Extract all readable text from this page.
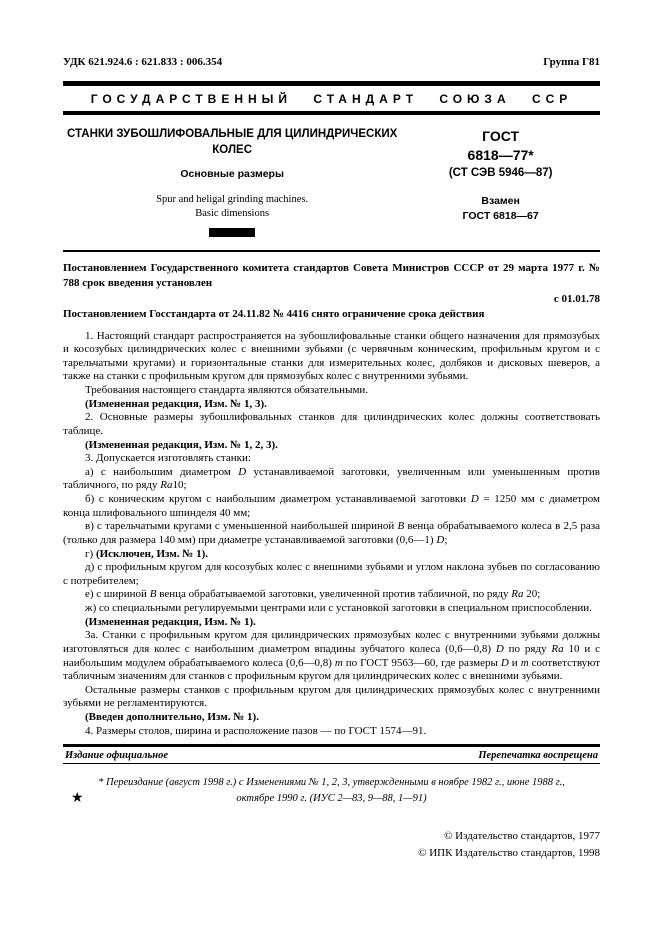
УДК 621.924.6 : 621.833 : 006.354	Группа Г81
ГОСУДАРСТВЕННЫЙ СТАНДАРТ СОЮЗА ССР
СТАНКИ ЗУБОШЛИФОВАЛЬНЫЕ ДЛЯ ЦИЛИНДРИЧЕСКИХ
КОЛЕС
Основные размеры
Spur and heligal grinding machines.
Basic dimensions
ГОСТ
6818—77*
(СТ СЭВ 5946—87)
Взамен
ГОСТ 6818—67

Постановлением Государственного комитета стандартов Совета Министров СССР от 29 марта 1977 г. № 788 срок введения установлен

с 01.01.78

Постановлением Госстандарта от 24.11.82 № 4416 снято ограничение срока действия

1. Настоящий стандарт распространяется на зубошлифовальные станки общего назначения для прямозубых и косозубых цилиндрических колес с внешними зубьями (с червячным коническим, профильным кругом и с тарельчатыми кругами) и горизонтальные станки для измерительных колес, долбяков и дисковых шеверов, а также на станки с профильным кругом для прямозубых колес с внутренними зубьями.

Требования настоящего стандарта являются обязательными.

(Измененная редакция, Изм. № 1, 3).

2. Основные размеры зубошлифовальных станков для цилиндрических колес должны соответствовать таблице.

(Измененная редакция, Изм. № 1, 2, 3).

3. Допускается изготовлять станки:

а) с наибольшим диаметром D устанавливаемой заготовки, увеличенным или уменьшенным против табличного, по ряду Ra10;

б) с коническим кругом с наибольшим диаметром устанавливаемой заготовки D = 1250 мм с диаметром конца шлифовального шпинделя 40 мм;

в) с тарельчатыми кругами с уменьшенной наибольшей шириной B венца обрабатываемого колеса в 2,5 раза (только для размера 140 мм) при диаметре устанавливаемой заготовки (0,6—1) D;

г) (Исключен, Изм. № 1).

д) с профильным кругом для косозубых колес с внешними зубьями и углом наклона зубьев по согласованию с потребителем;

е) с шириной B венца обрабатываемой заготовки, увеличенной против табличной, по ряду Ra 20;

ж) со специальными регулируемыми центрами или с установкой заготовки в специальном приспособлении.

(Измененная редакция, Изм. № 1).

3а. Станки с профильным кругом для цилиндрических прямозубых колес с внутренними зубьями должны изготовляться для колес с наибольшим диаметром впадины зубчатого колеса (0,6—0,8) D по ряду Ra 10 и с наибольшим модулем обрабатываемого колеса (0,6—0,8) m по ГОСТ 9563—60, где размеры D и m соответствуют табличным значениям для станков с профильным кругом для цилиндрических колес с внешними зубьями.

Остальные размеры станков с профильным кругом для цилиндрических прямозубых колес с внутренними зубьями не регламентируются.

(Введен дополнительно, Изм. № 1).

4. Размеры столов, ширина и расположение пазов — по ГОСТ 1574—91.

Издание официальное	Перепечатка воспрещена
* Переиздание (август 1998 г.) с Изменениями № 1, 2, 3, утвержденными в ноябре 1982 г., июне 1988 г., октябре 1990 г. (ИУС 2—83, 9—88, 1—91)
★
© Издательство стандартов, 1977
© ИПК Издательство стандартов, 1998
